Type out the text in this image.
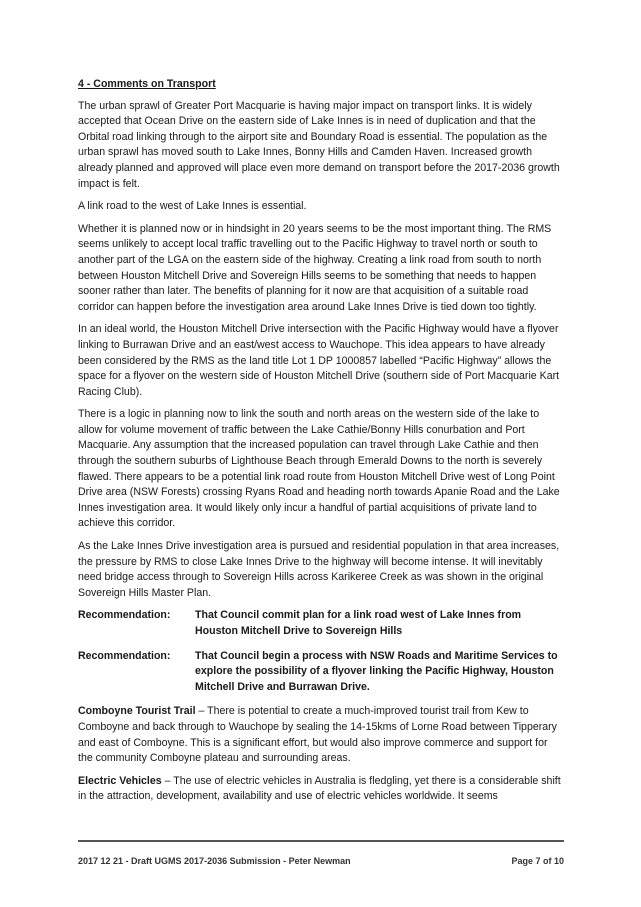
4 - Comments on Transport

The urban sprawl of Greater Port Macquarie is having major impact on transport links. It is widely accepted that Ocean Drive on the eastern side of Lake Innes is in need of duplication and that the Orbital road linking through to the airport site and Boundary Road is essential. The population as the urban sprawl has moved south to Lake Innes, Bonny Hills and Camden Haven. Increased growth already planned and approved will place even more demand on transport before the 2017-2036 growth impact is felt.

A link road to the west of Lake Innes is essential.

Whether it is planned now or in hindsight in 20 years seems to be the most important thing. The RMS seems unlikely to accept local traffic travelling out to the Pacific Highway to travel north or south to another part of the LGA on the eastern side of the highway. Creating a link road from south to north between Houston Mitchell Drive and Sovereign Hills seems to be something that needs to happen sooner rather than later. The benefits of planning for it now are that acquisition of a suitable road corridor can happen before the investigation area around Lake Innes Drive is tied down too tightly.

In an ideal world, the Houston Mitchell Drive intersection with the Pacific Highway would have a flyover linking to Burrawan Drive and an east/west access to Wauchope. This idea appears to have already been considered by the RMS as the land title Lot 1 DP 1000857 labelled “Pacific Highway” allows the space for a flyover on the western side of Houston Mitchell Drive (southern side of Port Macquarie Kart Racing Club).

There is a logic in planning now to link the south and north areas on the western side of the lake to allow for volume movement of traffic between the Lake Cathie/Bonny Hills conurbation and Port Macquarie. Any assumption that the increased population can travel through Lake Cathie and then through the southern suburbs of Lighthouse Beach through Emerald Downs to the north is severely flawed. There appears to be a potential link road route from Houston Mitchell Drive west of Long Point Drive area (NSW Forests) crossing Ryans Road and heading north towards Apanie Road and the Lake Innes investigation area. It would likely only incur a handful of partial acquisitions of private land to achieve this corridor.

As the Lake Innes Drive investigation area is pursued and residential population in that area increases, the pressure by RMS to close Lake Innes Drive to the highway will become intense. It will inevitably need bridge access through to Sovereign Hills across Karikeree Creek as was shown in the original Sovereign Hills Master Plan.

Recommendation:	That Council commit plan for a link road west of Lake Innes from Houston Mitchell Drive to Sovereign Hills
Recommendation:	That Council begin a process with NSW Roads and Maritime Services to explore the possibility of a flyover linking the Pacific Highway, Houston Mitchell Drive and Burrawan Drive.

Comboyne Tourist Trail – There is potential to create a much-improved tourist trail from Kew to Comboyne and back through to Wauchope by sealing the 14-15kms of Lorne Road between Tipperary and east of Comboyne. This is a significant effort, but would also improve commerce and support for the community Comboyne plateau and surrounding areas.

Electric Vehicles – The use of electric vehicles in Australia is fledgling, yet there is a considerable shift in the attraction, development, availability and use of electric vehicles worldwide. It seems

2017 12 21 - Draft UGMS 2017-2036 Submission - Peter Newman	Page 7 of 10
